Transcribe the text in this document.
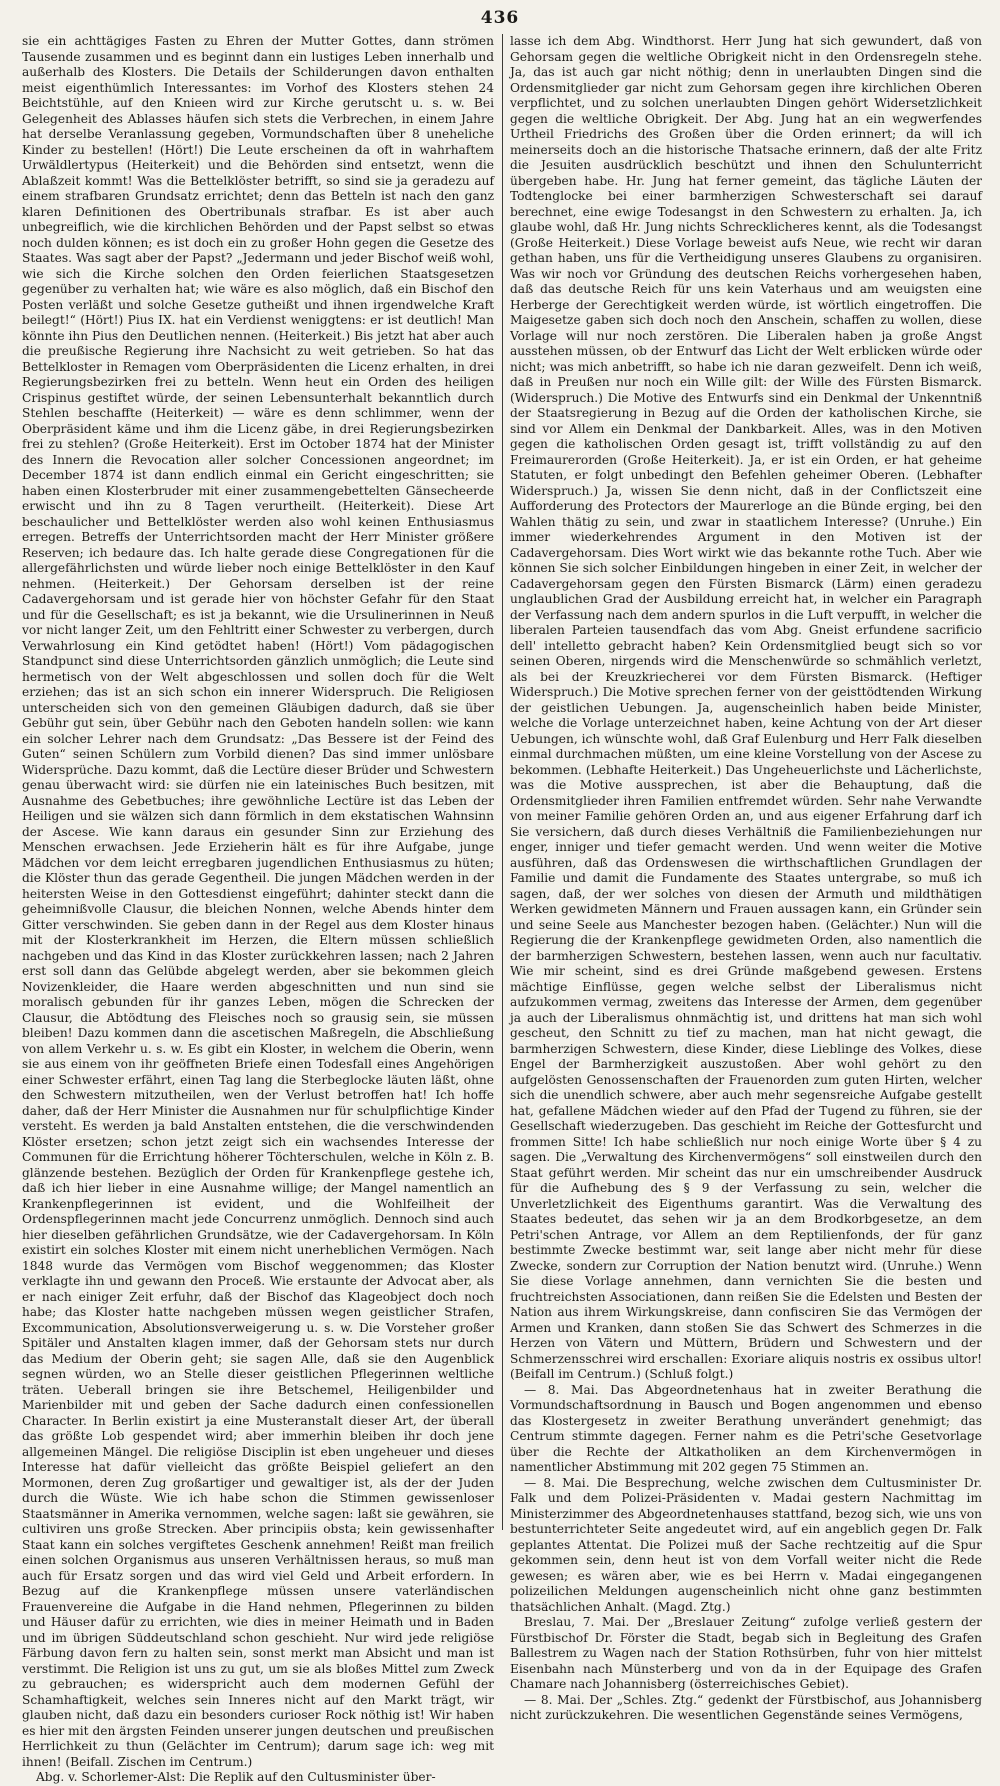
436

sie ein achttägiges Fasten zu Ehren der Mutter Gottes, dann strömen Tausende zusammen und es beginnt dann ein lustiges Leben innerhalb und außerhalb des Klosters. Die Details der Schilderungen davon enthalten meist eigenthümlich Interessantes: im Vorhof des Klosters stehen 24 Beichtstühle, auf den Knieen wird zur Kirche gerutscht u. s. w. Bei Gelegenheit des Ablasses häufen sich stets die Verbrechen, in einem Jahre hat derselbe Veranlassung gegeben, Vormundschaften über 8 uneheliche Kinder zu bestellen! (Hört!) Die Leute erscheinen da oft in wahrhaftem Urwäldlertypus (Heiterkeit) und die Behörden sind entsetzt, wenn die Ablaßzeit kommt! Was die Bettelklöster betrifft, so sind sie ja geradezu auf einem strafbaren Grundsatz errichtet; denn das Betteln ist nach den ganz klaren Definitionen des Obertribunals strafbar. Es ist aber auch unbegreiflich, wie die kirchlichen Behörden und der Papst selbst so etwas noch dulden können; es ist doch ein zu großer Hohn gegen die Gesetze des Staates. Was sagt aber der Papst? „Jedermann und jeder Bischof weiß wohl, wie sich die Kirche solchen den Orden feierlichen Staatsgesetzen gegenüber zu verhalten hat; wie wäre es also möglich, daß ein Bischof den Posten verläßt und solche Gesetze gutheißt und ihnen irgendwelche Kraft beilegt!“ (Hört!) Pius IX. hat ein Verdienst weniggtens: er ist deutlich! Man könnte ihn Pius den Deutlichen nennen. (Heiterkeit.) Bis jetzt hat aber auch die preußische Regierung ihre Nachsicht zu weit getrieben. So hat das Bettelkloster in Remagen vom Oberpräsidenten die Licenz erhalten, in drei Regierungsbezirken frei zu betteln. Wenn heut ein Orden des heiligen Crispinus gestiftet würde, der seinen Lebensunterhalt bekanntlich durch Stehlen beschaffte (Heiterkeit) — wäre es denn schlimmer, wenn der Oberpräsident käme und ihm die Licenz gäbe, in drei Regierungsbezirken frei zu stehlen? (Große Heiterkeit). Erst im October 1874 hat der Minister des Innern die Revocation aller solcher Concessionen angeordnet; im December 1874 ist dann endlich einmal ein Gericht eingeschritten; sie haben einen Klosterbruder mit einer zusammengebettelten Gänsecheerde erwischt und ihn zu 8 Tagen verurtheilt. (Heiterkeit). Diese Art beschaulicher und Bettelklöster werden also wohl keinen Enthusiasmus erregen. Betreffs der Unterrichtsorden macht der Herr Minister größere Reserven; ich bedaure das. Ich halte gerade diese Congregationen für die allergefährlichsten und würde lieber noch einige Bettelklöster in den Kauf nehmen. (Heiterkeit.) Der Gehorsam derselben ist der reine Cadavergehorsam und ist gerade hier von höchster Gefahr für den Staat und für die Gesellschaft; es ist ja bekannt, wie die Ursulinerinnen in Neuß vor nicht langer Zeit, um den Fehltritt einer Schwester zu verbergen, durch Verwahrlosung ein Kind getödtet haben! (Hört!) Vom pädagogischen Standpunct sind diese Unterrichtsorden gänzlich unmöglich; die Leute sind hermetisch von der Welt abgeschlossen und sollen doch für die Welt erziehen; das ist an sich schon ein innerer Widerspruch. Die Religiosen unterscheiden sich von den gemeinen Gläubigen dadurch, daß sie über Gebühr gut sein, über Gebühr nach den Geboten handeln sollen: wie kann ein solcher Lehrer nach dem Grundsatz: „Das Bessere ist der Feind des Guten“ seinen Schülern zum Vorbild dienen? Das sind immer unlösbare Widersprüche. Dazu kommt, daß die Lectüre dieser Brüder und Schwestern genau überwacht wird: sie dürfen nie ein lateinisches Buch besitzen, mit Ausnahme des Gebetbuches; ihre gewöhnliche Lectüre ist das Leben der Heiligen und sie wälzen sich dann förmlich in dem ekstatischen Wahnsinn der Ascese. Wie kann daraus ein gesunder Sinn zur Erziehung des Menschen erwachsen. Jede Erzieherin hält es für ihre Aufgabe, junge Mädchen vor dem leicht erregbaren jugendlichen Enthusiasmus zu hüten; die Klöster thun das gerade Gegentheil. Die jungen Mädchen werden in der heitersten Weise in den Gottesdienst eingeführt; dahinter steckt dann die geheimnißvolle Clausur, die bleichen Nonnen, welche Abends hinter dem Gitter verschwinden. Sie geben dann in der Regel aus dem Kloster hinaus mit der Klosterkrankheit im Herzen, die Eltern müssen schließlich nachgeben und das Kind in das Kloster zurückkehren lassen; nach 2 Jahren erst soll dann das Gelübde abgelegt werden, aber sie bekommen gleich Novizenkleider, die Haare werden abgeschnitten und nun sind sie moralisch gebunden für ihr ganzes Leben, mögen die Schrecken der Clausur, die Abtödtung des Fleisches noch so grausig sein, sie müssen bleiben! Dazu kommen dann die ascetischen Maßregeln, die Abschließung von allem Verkehr u. s. w. Es gibt ein Kloster, in welchem die Oberin, wenn sie aus einem von ihr geöffneten Briefe einen Todesfall eines Angehörigen einer Schwester erfährt, einen Tag lang die Sterbeglocke läuten läßt, ohne den Schwestern mitzutheilen, wen der Verlust betroffen hat! Ich hoffe daher, daß der Herr Minister die Ausnahmen nur für schulpflichtige Kinder versteht. Es werden ja bald Anstalten entstehen, die die verschwindenden Klöster ersetzen; schon jetzt zeigt sich ein wachsendes Interesse der Communen für die Errichtung höherer Töchterschulen, welche in Köln z. B. glänzende bestehen. Bezüglich der Orden für Krankenpflege gestehe ich, daß ich hier lieber in eine Ausnahme willige; der Mangel namentlich an Krankenpflegerinnen ist evident, und die Wohlfeilheit der Ordenspflegerinnen macht jede Concurrenz unmöglich. Dennoch sind auch hier dieselben gefährlichen Grundsätze, wie der Cadavergehorsam. In Köln existirt ein solches Kloster mit einem nicht unerheblichen Vermögen. Nach 1848 wurde das Vermögen vom Bischof weggenommen; das Kloster verklagte ihn und gewann den Proceß. Wie erstaunte der Advocat aber, als er nach einiger Zeit erfuhr, daß der Bischof das Klageobject doch noch habe; das Kloster hatte nachgeben müssen wegen geistlicher Strafen, Excommunication, Absolutionsverweigerung u. s. w. Die Vorsteher großer Spitäler und Anstalten klagen immer, daß der Gehorsam stets nur durch das Medium der Oberin geht; sie sagen Alle, daß sie den Augenblick segnen würden, wo an Stelle dieser geistlichen Pflegerinnen weltliche träten. Ueberall bringen sie ihre Betschemel, Heiligenbilder und Marienbilder mit und geben der Sache dadurch einen confessionellen Character. In Berlin existirt ja eine Musteranstalt dieser Art, der überall das größte Lob gespendet wird; aber immerhin bleiben ihr doch jene allgemeinen Mängel. Die religiöse Disciplin ist eben ungeheuer und dieses Interesse hat dafür vielleicht das größte Beispiel geliefert an den Mormonen, deren Zug großartiger und gewaltiger ist, als der der Juden durch die Wüste. Wie ich habe schon die Stimmen gewissenloser Staatsmänner in Amerika vernommen, welche sagen: laßt sie gewähren, sie cultiviren uns große Strecken. Aber principiis obsta; kein gewissenhafter Staat kann ein solches vergiftetes Geschenk annehmen! Reißt man freilich einen solchen Organismus aus unseren Verhältnissen heraus, so muß man auch für Ersatz sorgen und das wird viel Geld und Arbeit erfordern. In Bezug auf die Krankenpflege müssen unsere vaterländischen Frauenvereine die Aufgabe in die Hand nehmen, Pflegerinnen zu bilden und Häuser dafür zu errichten, wie dies in meiner Heimath und in Baden und im übrigen Süddeutschland schon geschieht. Nur wird jede religiöse Färbung davon fern zu halten sein, sonst merkt man Absicht und man ist verstimmt. Die Religion ist uns zu gut, um sie als bloßes Mittel zum Zweck zu gebrauchen; es widerspricht auch dem modernen Gefühl der Schamhaftigkeit, welches sein Inneres nicht auf den Markt trägt, wir glauben nicht, daß dazu ein besonders curioser Rock nöthig ist! Wir haben es hier mit den ärgsten Feinden unserer jungen deutschen und preußischen Herrlichkeit zu thun (Gelächter im Centrum); darum sage ich: weg mit ihnen! (Beifall. Zischen im Centrum.)

Abg. v. Schorlemer-Alst: Die Replik auf den Cultusminister über-

lasse ich dem Abg. Windthorst. Herr Jung hat sich gewundert, daß von Gehorsam gegen die weltliche Obrigkeit nicht in den Ordensregeln stehe. Ja, das ist auch gar nicht nöthig; denn in unerlaubten Dingen sind die Ordensmitglieder gar nicht zum Gehorsam gegen ihre kirchlichen Oberen verpflichtet, und zu solchen unerlaubten Dingen gehört Widersetzlichkeit gegen die weltliche Obrigkeit. Der Abg. Jung hat an ein wegwerfendes Urtheil Friedrichs des Großen über die Orden erinnert; da will ich meinerseits doch an die historische Thatsache erinnern, daß der alte Fritz die Jesuiten ausdrücklich beschützt und ihnen den Schulunterricht übergeben habe. Hr. Jung hat ferner gemeint, das tägliche Läuten der Todtenglocke bei einer barmherzigen Schwesterschaft sei darauf berechnet, eine ewige Todesangst in den Schwestern zu erhalten. Ja, ich glaube wohl, daß Hr. Jung nichts Schrecklicheres kennt, als die Todesangst (Große Heiterkeit.) Diese Vorlage beweist aufs Neue, wie recht wir daran gethan haben, uns für die Vertheidigung unseres Glaubens zu organisiren. Was wir noch vor Gründung des deutschen Reichs vorhergesehen haben, daß das deutsche Reich für uns kein Vaterhaus und am weuigsten eine Herberge der Gerechtigkeit werden würde, ist wörtlich eingetroffen. Die Maigesetze gaben sich doch noch den Anschein, schaffen zu wollen, diese Vorlage will nur noch zerstören. Die Liberalen haben ja große Angst ausstehen müssen, ob der Entwurf das Licht der Welt erblicken würde oder nicht; was mich anbetrifft, so habe ich nie daran gezweifelt. Denn ich weiß, daß in Preußen nur noch ein Wille gilt: der Wille des Fürsten Bismarck. (Widerspruch.) Die Motive des Entwurfs sind ein Denkmal der Unkenntniß der Staatsregierung in Bezug auf die Orden der katholischen Kirche, sie sind vor Allem ein Denkmal der Dankbarkeit. Alles, was in den Motiven gegen die katholischen Orden gesagt ist, trifft vollständig zu auf den Freimaurerorden (Große Heiterkeit). Ja, er ist ein Orden, er hat geheime Statuten, er folgt unbedingt den Befehlen geheimer Oberen. (Lebhafter Widerspruch.) Ja, wissen Sie denn nicht, daß in der Conflictszeit eine Aufforderung des Protectors der Maurerloge an die Bünde erging, bei den Wahlen thätig zu sein, und zwar in staatlichem Interesse? (Unruhe.) Ein immer wiederkehrendes Argument in den Motiven ist der Cadavergehorsam. Dies Wort wirkt wie das bekannte rothe Tuch. Aber wie können Sie sich solcher Einbildungen hingeben in einer Zeit, in welcher der Cadavergehorsam gegen den Fürsten Bismarck (Lärm) einen geradezu unglaublichen Grad der Ausbildung erreicht hat, in welcher ein Paragraph der Verfassung nach dem andern spurlos in die Luft verpufft, in welcher die liberalen Parteien tausendfach das vom Abg. Gneist erfundene sacrificio dell' intelletto gebracht haben? Kein Ordensmitglied beugt sich so vor seinen Oberen, nirgends wird die Menschenwürde so schmählich verletzt, als bei der Kreuzkriecherei vor dem Fürsten Bismarck. (Heftiger Widerspruch.) Die Motive sprechen ferner von der geisttödtenden Wirkung der geistlichen Uebungen. Ja, augenscheinlich haben beide Minister, welche die Vorlage unterzeichnet haben, keine Achtung von der Art dieser Uebungen, ich wünschte wohl, daß Graf Eulenburg und Herr Falk dieselben einmal durchmachen müßten, um eine kleine Vorstellung von der Ascese zu bekommen. (Lebhafte Heiterkeit.) Das Ungeheuerlichste und Lächerlichste, was die Motive aussprechen, ist aber die Behauptung, daß die Ordensmitglieder ihren Familien entfremdet würden. Sehr nahe Verwandte von meiner Familie gehören Orden an, und aus eigener Erfahrung darf ich Sie versichern, daß durch dieses Verhältniß die Familienbeziehungen nur enger, inniger und tiefer gemacht werden. Und wenn weiter die Motive ausführen, daß das Ordenswesen die wirthschaftlichen Grundlagen der Familie und damit die Fundamente des Staates untergrabe, so muß ich sagen, daß, der wer solches von diesen der Armuth und mildthätigen Werken gewidmeten Männern und Frauen aussagen kann, ein Gründer sein und seine Seele aus Manchester bezogen haben. (Gelächter.) Nun will die Regierung die der Krankenpflege gewidmeten Orden, also namentlich die der barmherzigen Schwestern, bestehen lassen, wenn auch nur facultativ. Wie mir scheint, sind es drei Gründe maßgebend gewesen. Erstens mächtige Einflüsse, gegen welche selbst der Liberalismus nicht aufzukommen vermag, zweitens das Interesse der Armen, dem gegenüber ja auch der Liberalismus ohnmächtig ist, und drittens hat man sich wohl gescheut, den Schnitt zu tief zu machen, man hat nicht gewagt, die barmherzigen Schwestern, diese Kinder, diese Lieblinge des Volkes, diese Engel der Barmherzigkeit auszustoßen. Aber wohl gehört zu den aufgelösten Genossenschaften der Frauenorden zum guten Hirten, welcher sich die unendlich schwere, aber auch mehr segensreiche Aufgabe gestellt hat, gefallene Mädchen wieder auf den Pfad der Tugend zu führen, sie der Gesellschaft wiederzugeben. Das geschieht im Reiche der Gottesfurcht und frommen Sitte! Ich habe schließlich nur noch einige Worte über § 4 zu sagen. Die „Verwaltung des Kirchenvermögens“ soll einstweilen durch den Staat geführt werden. Mir scheint das nur ein umschreibender Ausdruck für die Aufhebung des § 9 der Verfassung zu sein, welcher die Unverletzlichkeit des Eigenthums garantirt. Was die Verwaltung des Staates bedeutet, das sehen wir ja an dem Brodkorbgesetze, an dem Petri'schen Antrage, vor Allem an dem Reptilienfonds, der für ganz bestimmte Zwecke bestimmt war, seit lange aber nicht mehr für diese Zwecke, sondern zur Corruption der Nation benutzt wird. (Unruhe.) Wenn Sie diese Vorlage annehmen, dann vernichten Sie die besten und fruchtreichsten Associationen, dann reißen Sie die Edelsten und Besten der Nation aus ihrem Wirkungskreise, dann confisciren Sie das Vermögen der Armen und Kranken, dann stoßen Sie das Schwert des Schmerzes in die Herzen von Vätern und Müttern, Brüdern und Schwestern und der Schmerzensschrei wird erschallen: Exoriare aliquis nostris ex ossibus ultor! (Beifall im Centrum.) (Schluß folgt.)

— 8. Mai. Das Abgeordnetenhaus hat in zweiter Berathung die Vormundschaftsordnung in Bausch und Bogen angenommen und ebenso das Klostergesetz in zweiter Berathung unverändert genehmigt; das Centrum stimmte dagegen. Ferner nahm es die Petri'sche Gesetvorlage über die Rechte der Altkatholiken an dem Kirchenvermögen in namentlicher Abstimmung mit 202 gegen 75 Stimmen an.

— 8. Mai. Die Besprechung, welche zwischen dem Cultusminister Dr. Falk und dem Polizei-Präsidenten v. Madai gestern Nachmittag im Ministerzimmer des Abgeordnetenhauses stattfand, bezog sich, wie uns von bestunterrichteter Seite angedeutet wird, auf ein angeblich gegen Dr. Falk geplantes Attentat. Die Polizei muß der Sache rechtzeitig auf die Spur gekommen sein, denn heut ist von dem Vorfall weiter nicht die Rede gewesen; es wären aber, wie es bei Herrn v. Madai eingegangenen polizeilichen Meldungen augenscheinlich nicht ohne ganz bestimmten thatsächlichen Anhalt. (Magd. Ztg.)

Breslau, 7. Mai. Der „Breslauer Zeitung“ zufolge verließ gestern der Fürstbischof Dr. Förster die Stadt, begab sich in Begleitung des Grafen Ballestrem zu Wagen nach der Station Rothsürben, fuhr von hier mittelst Eisenbahn nach Münsterberg und von da in der Equipage des Grafen Chamare nach Johannisberg (österreichisches Gebiet).

— 8. Mai. Der „Schles. Ztg.“ gedenkt der Fürstbischof, aus Johannisberg nicht zurückzukehren. Die wesentlichen Gegenstände seines Vermögens,
